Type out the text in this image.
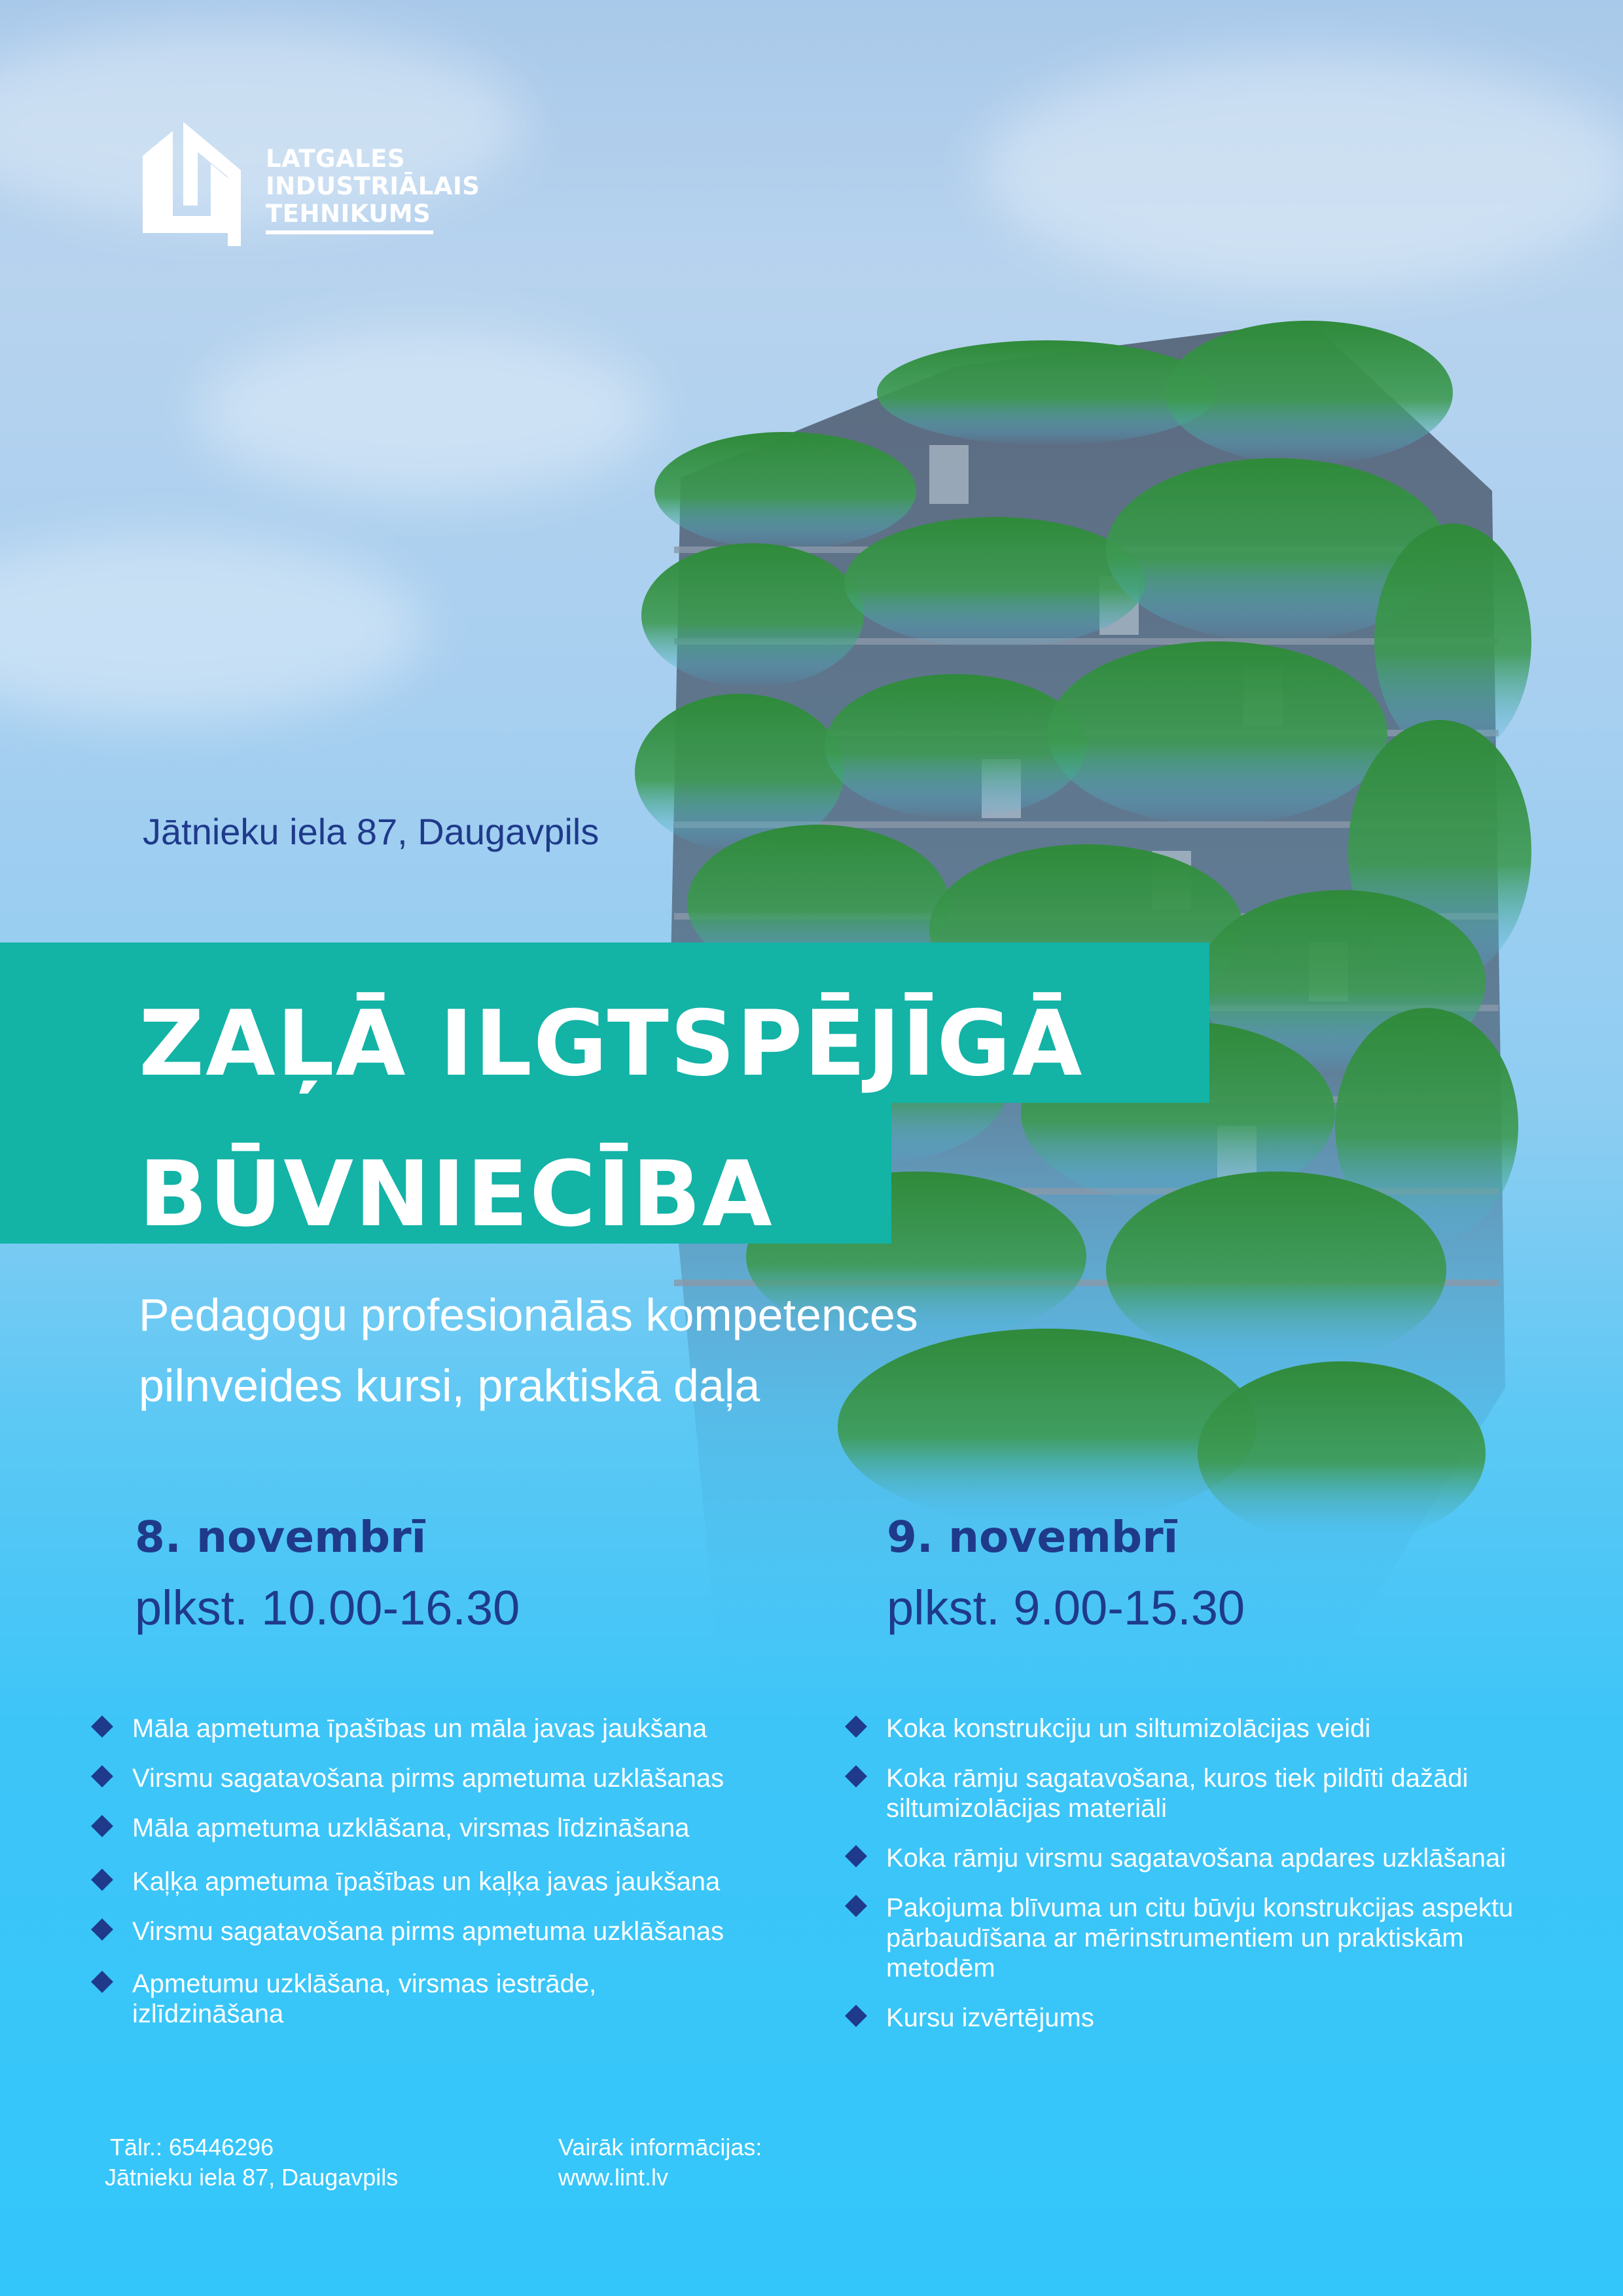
LATGALES
INDUSTRIĀLAIS
TEHNIKUMS
Jātnieku iela 87, Daugavpils
ZAĻĀ ILGTSPĒJĪGĀ
BŪVNIECĪBA
Pedagogu profesionālās kompetences
pilnveides kursi, praktiskā daļa
8. novembrī
plkst. 10.00-16.30
Māla apmetuma īpašības un māla javas jaukšana
Virsmu sagatavošana pirms apmetuma uzklāšanas
Māla apmetuma uzklāšana, virsmas līdzināšana
Kaļķa apmetuma īpašības un kaļķa javas jaukšana
Virsmu sagatavošana pirms apmetuma uzklāšanas
Apmetumu uzklāšana, virsmas iestrāde,
izlīdzināšana
9. novembrī
plkst. 9.00-15.30
Koka konstrukciju un siltumizolācijas veidi
Koka rāmju sagatavošana, kuros tiek pildīti dažādi
siltumizolācijas materiāli
Koka rāmju virsmu sagatavošana apdares uzklāšanai
Pakojuma blīvuma un citu būvju konstrukcijas aspektu
pārbaudīšana ar mērinstrumentiem un praktiskām
metodēm
Kursu izvērtējums
Tālr.: 65446296
Jātnieku iela 87, Daugavpils
Vairāk informācijas:
www.lint.lv
